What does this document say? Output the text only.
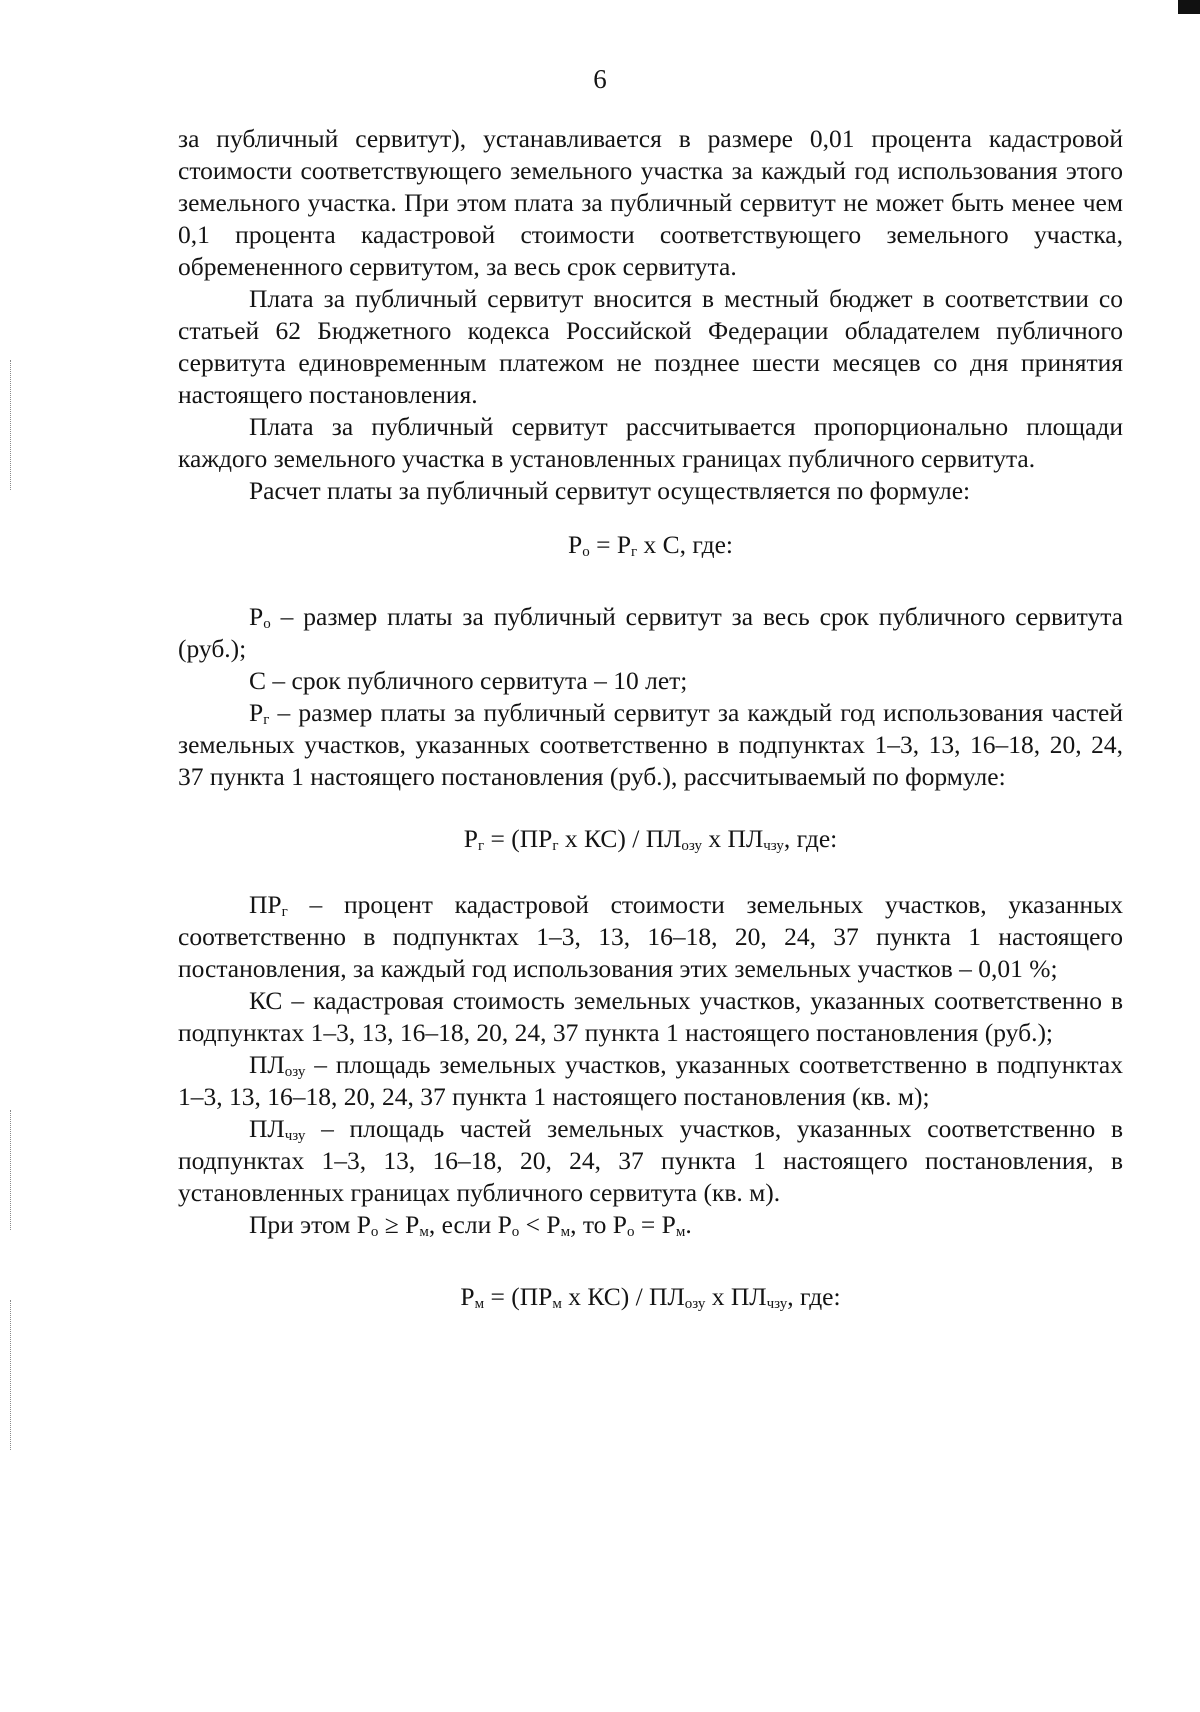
6

за публичный сервитут), устанавливается в размере 0,01 процента кадастровой стоимости соответствующего земельного участка за каждый год использования этого земельного участка. При этом плата за публичный сервитут не может быть менее чем 0,1 процента кадастровой стоимости соответствующего земельного участка, обремененного сервитутом, за весь срок сервитута.

Плата за публичный сервитут вносится в местный бюджет в соответствии со статьей 62 Бюджетного кодекса Российской Федерации обладателем публичного сервитута единовременным платежом не позднее шести месяцев со дня принятия настоящего постановления.

Плата за публичный сервитут рассчитывается пропорционально площади каждого земельного участка в установленных границах публичного сервитута.

Расчет платы за публичный сервитут осуществляется по формуле:

$Р_о = Р_г$ х С, где:

$Р_о$ – размер платы за публичный сервитут за весь срок публичного сервитута (руб.);

С – срок публичного сервитута – 10 лет;

$Р_г$ – размер платы за публичный сервитут за каждый год использования частей земельных участков, указанных соответственно в подпунктах 1–3, 13, 16–18, 20, 24, 37 пункта 1 настоящего постановления (руб.), рассчитываемый по формуле:

$Р_г = (ПР_г$ х $КС) / ПЛ_{озу}$ х $ПЛ_{чзу}$, где:

$ПР_г$ – процент кадастровой стоимости земельных участков, указанных соответственно в подпунктах 1–3, 13, 16–18, 20, 24, 37 пункта 1 настоящего постановления, за каждый год использования этих земельных участков – 0,01 %;

КС – кадастровая стоимость земельных участков, указанных соответственно в подпунктах 1–3, 13, 16–18, 20, 24, 37 пункта 1 настоящего постановления (руб.);

$ПЛ_{озу}$ – площадь земельных участков, указанных соответственно в подпунктах 1–3, 13, 16–18, 20, 24, 37 пункта 1 настоящего постановления (кв. м);

$ПЛ_{чзу}$ – площадь частей земельных участков, указанных соответственно в подпунктах 1–3, 13, 16–18, 20, 24, 37 пункта 1 настоящего постановления, в установленных границах публичного сервитута (кв. м).

При этом $Р_о \ge Р_м$, если $Р_о < Р_м$, то $Р_о = Р_м$.

$Р_м = (ПР_м$ х $КС) / ПЛ_{озу}$ х $ПЛ_{чзу}$, где:
